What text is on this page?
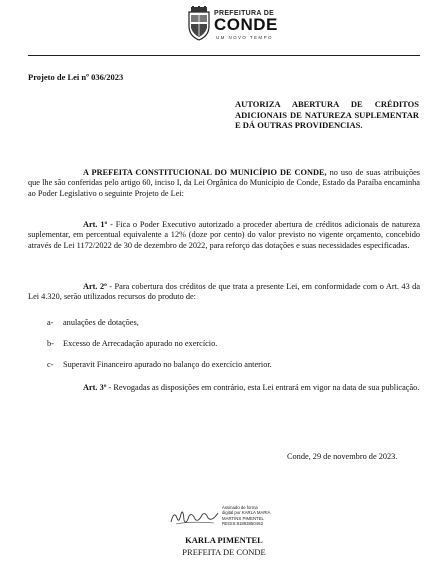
PREFEITURA DE
CONDE
UM NOVO TEMPO
Projeto de Lei nº 036/2023
AUTORIZA ABERTURA DE CRÉDITOS ADICIONAIS DE NATUREZA SUPLEMENTAR E DÁ OUTRAS PROVIDENCIAS.
A PREFEITA CONSTITUCIONAL DO MUNICÍPIO DE CONDE, no uso de suas atribuições que lhe são conferidas pelo artigo 60, inciso I, da Lei Orgânica do Município de Conde, Estado da Paraíba encaminha ao Poder Legislativo o seguinte Projeto de Lei:
Art. 1º - Fica o Poder Executivo autorizado a proceder abertura de créditos adicionais de natureza suplementar, em percentual equivalente a 12% (doze por cento) do valor previsto no vigente orçamento, concebido através de Lei 1172/2022 de 30 de dezembro de 2022, para reforço das dotações e suas necessidades especificadas.
Art. 2º - Para cobertura dos créditos de que trata a presente Lei, em conformidade com o Art. 43 da Lei 4.320, serão utilizados recursos do produto de:
a- anulações de dotações,
b- Excesso de Arrecadação apurado no exercício.
c- Superavit Financeiro apurado no balanço do exercício anterior.
Art. 3º - Revogadas as disposições em contrário, esta Lei entrará em vigor na data de sua publicação.
Conde, 29 de novembro de 2023.
Assinado de forma
digital por KARLA MARIA
MARTINS PIMENTEL
REGIS:81893850463
KARLA PIMENTEL
PREFEITA DE CONDE
